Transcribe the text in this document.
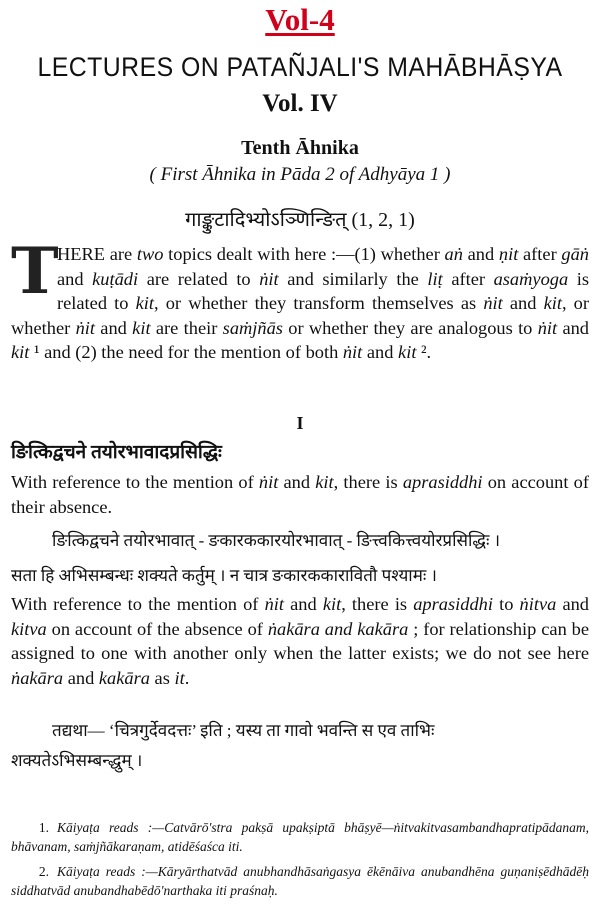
Vol-4
LECTURES ON PATAÑJALI'S MAHĀBHĀṢYA
Vol. IV
Tenth Āhnika
( First Āhnika in Pāda 2 of Adhyāya 1 )
गाङ्कुटादिभ्योऽञ्णिन्ङित् (1, 2, 1)
T
HERE are two topics dealt with here :—(1) whether aṅ and ṇit after gāṅ and kuṭādi are related to ṅit and similarly the liṭ after asaṁyoga is related to kit, or whether they transform themselves as ṅit and kit, or whether ṅit and kit are their saṁjñās or whether they are analogous to ṅit and kit ¹ and (2) the need for the mention of both ṅit and kit ².
I
ङित्किद्वचने तयोरभावादप्रसिद्धिः
With reference to the mention of ṅit and kit, there is aprasiddhi on account of their absence.
ङित्किद्वचने तयोरभावात् - ङकारककारयोरभावात् - ङित्त्वकित्त्वयोरप्रसिद्धिः ।
सता हि अभिसम्बन्धः शक्यते कर्तुम् । न चात्र ङकारककारावितौ पश्यामः ।
With reference to the mention of ṅit and kit, there is aprasiddhi to ṅitva and kitva on account of the absence of ṅakāra and kakāra ; for relationship can be assigned to one with another only when the latter exists; we do not see here ṅakāra and kakāra as it.
तद्यथा— ‘चित्रगुर्देवदत्तः’ इति ; यस्य ता गावो भवन्ति स एव ताभिः
शक्यतेऽभिसम्बन्द्धुम् ।
1. Kāiyaṭa reads :—Catvārō'stra pakṣā upakṣiptā bhāṣyē—ṅitvakitvasambandhapratipādanam, bhāvanam, saṁjñākaraṇam, atidēśaśca iti.
2. Kāiyaṭa reads :—Kāryārthatvād anubhandhāsaṅgasya ēkēnāiva anubandhēna guṇaniṣēdhādēḥ siddhatvād anubandhabēdō'narthaka iti praśnaḥ.
